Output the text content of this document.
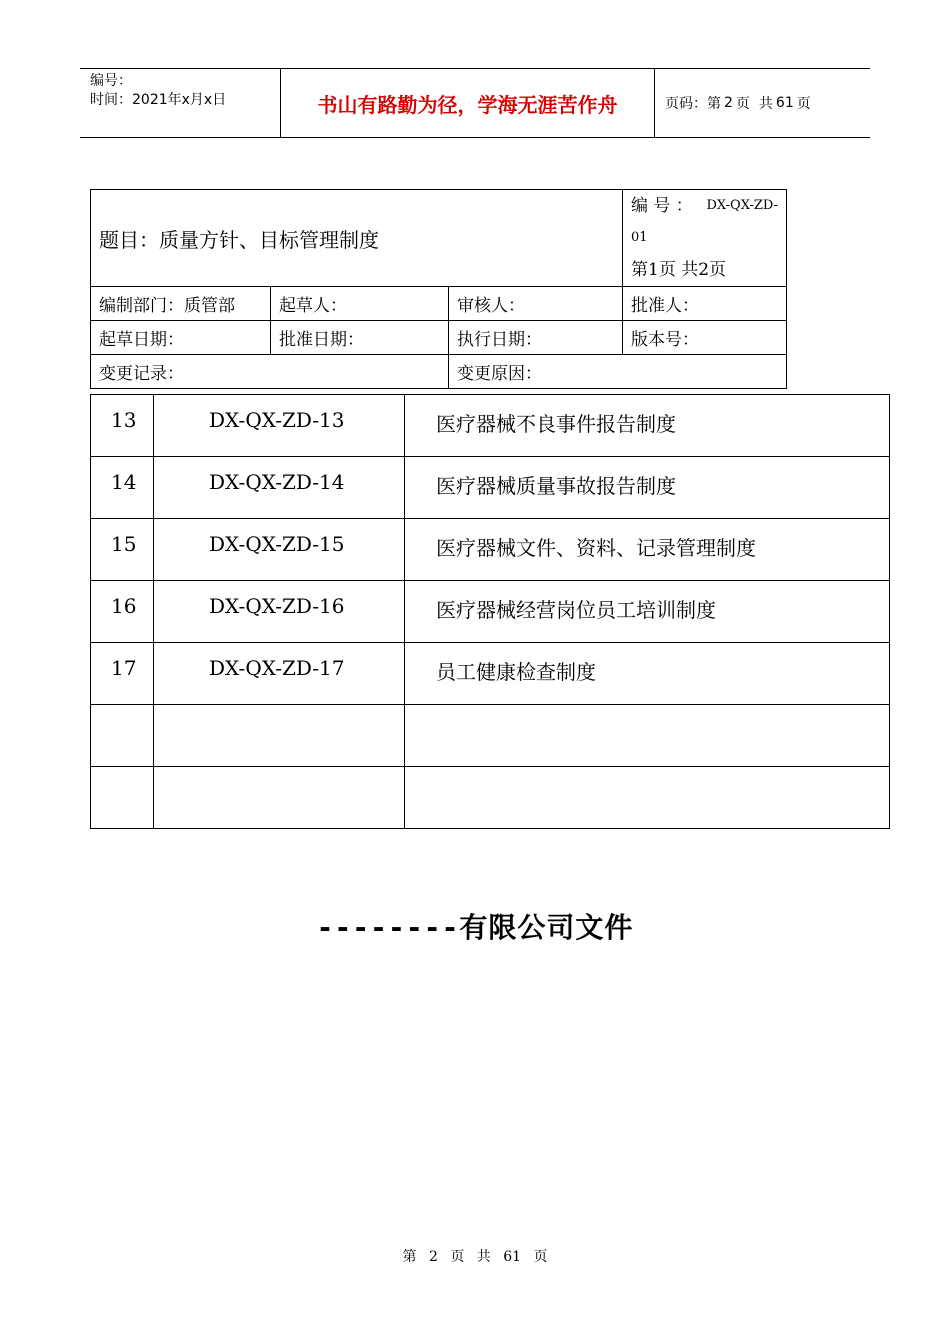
编号：
时间：2021年x月x日	书山有路勤为径，学海无涯苦作舟	页码：第 2 页 共 61 页
题目：质量方针、目标管理制度			编 号 ： DX-QX-ZD-
01
第1页 共2页

编制部门：质管部	起草人：	审核人：	批准人：
起草日期：	批准日期：	执行日期：	版本号：
变更记录：		变更原因：	
13	DX-QX-ZD-13	医疗器械不良事件报告制度
14	DX-QX-ZD-14	医疗器械质量事故报告制度
15	DX-QX-ZD-15	医疗器械文件、资料、记录管理制度
16	DX-QX-ZD-16	医疗器械经营岗位员工培训制度
17	DX-QX-ZD-17	员工健康检查制度

--------有限公司文件
第 2 页 共 61 页
